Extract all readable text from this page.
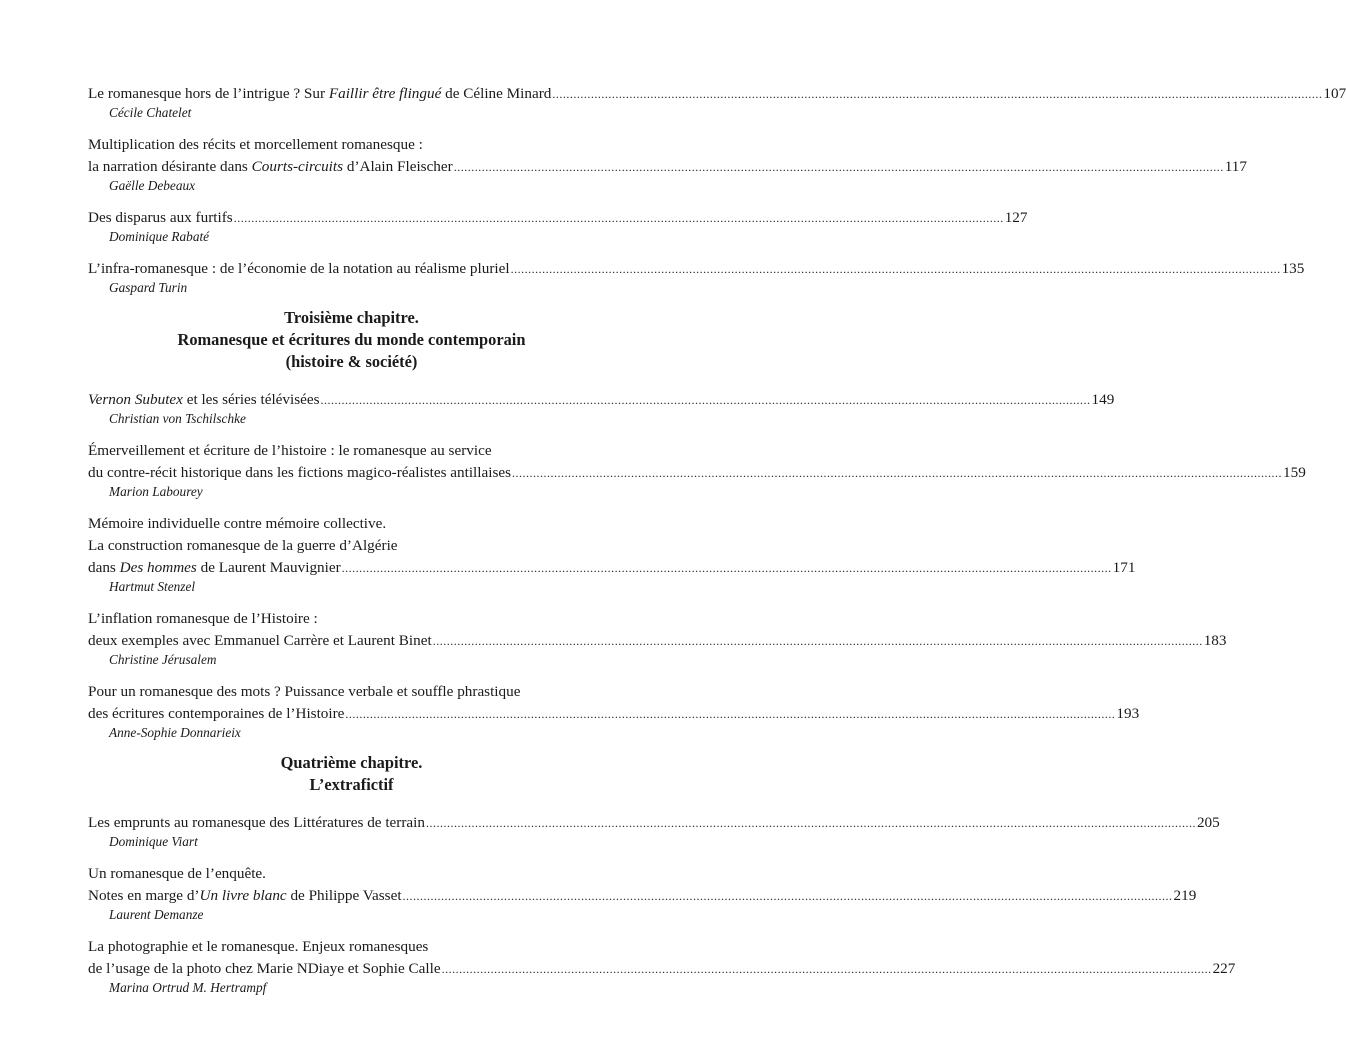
Le romanesque hors de l’intrigue ? Sur Faillir être flingué de Céline Minard ............................................................................................................................................................................................................................ 107
Cécile Chatelet
Multiplication des récits et morcellement romanesque :
la narration désirante dans Courts-circuits d’Alain Fleischer ............................................................................................................................................................................................................................ 117
Gaëlle Debeaux
Des disparus aux furtifs ............................................................................................................................................................................................................................ 127
Dominique Rabaté
L’infra-romanesque : de l’économie de la notation au réalisme pluriel ............................................................................................................................................................................................................................ 135
Gaspard Turin
Troisième chapitre.
Romanesque et écritures du monde contemporain
(histoire & société)
Vernon Subutex et les séries télévisées ............................................................................................................................................................................................................................ 149
Christian von Tschilschke
Émerveillement et écriture de l’histoire : le romanesque au service
du contre-récit historique dans les fictions magico-réalistes antillaises ............................................................................................................................................................................................................................ 159
Marion Labourey
Mémoire individuelle contre mémoire collective.
La construction romanesque de la guerre d’Algérie
dans Des hommes de Laurent Mauvignier ............................................................................................................................................................................................................................ 171
Hartmut Stenzel
L’inflation romanesque de l’Histoire :
deux exemples avec Emmanuel Carrère et Laurent Binet ............................................................................................................................................................................................................................ 183
Christine Jérusalem
Pour un romanesque des mots ? Puissance verbale et souffle phrastique
des écritures contemporaines de l’Histoire ............................................................................................................................................................................................................................ 193
Anne-Sophie Donnarieix
Quatrième chapitre.
L’extrafictif
Les emprunts au romanesque des Littératures de terrain ............................................................................................................................................................................................................................ 205
Dominique Viart
Un romanesque de l’enquête.
Notes en marge d’Un livre blanc de Philippe Vasset ............................................................................................................................................................................................................................ 219
Laurent Demanze
La photographie et le romanesque. Enjeux romanesques
de l’usage de la photo chez Marie NDiaye et Sophie Calle ............................................................................................................................................................................................................................ 227
Marina Ortrud M. Hertrampf
